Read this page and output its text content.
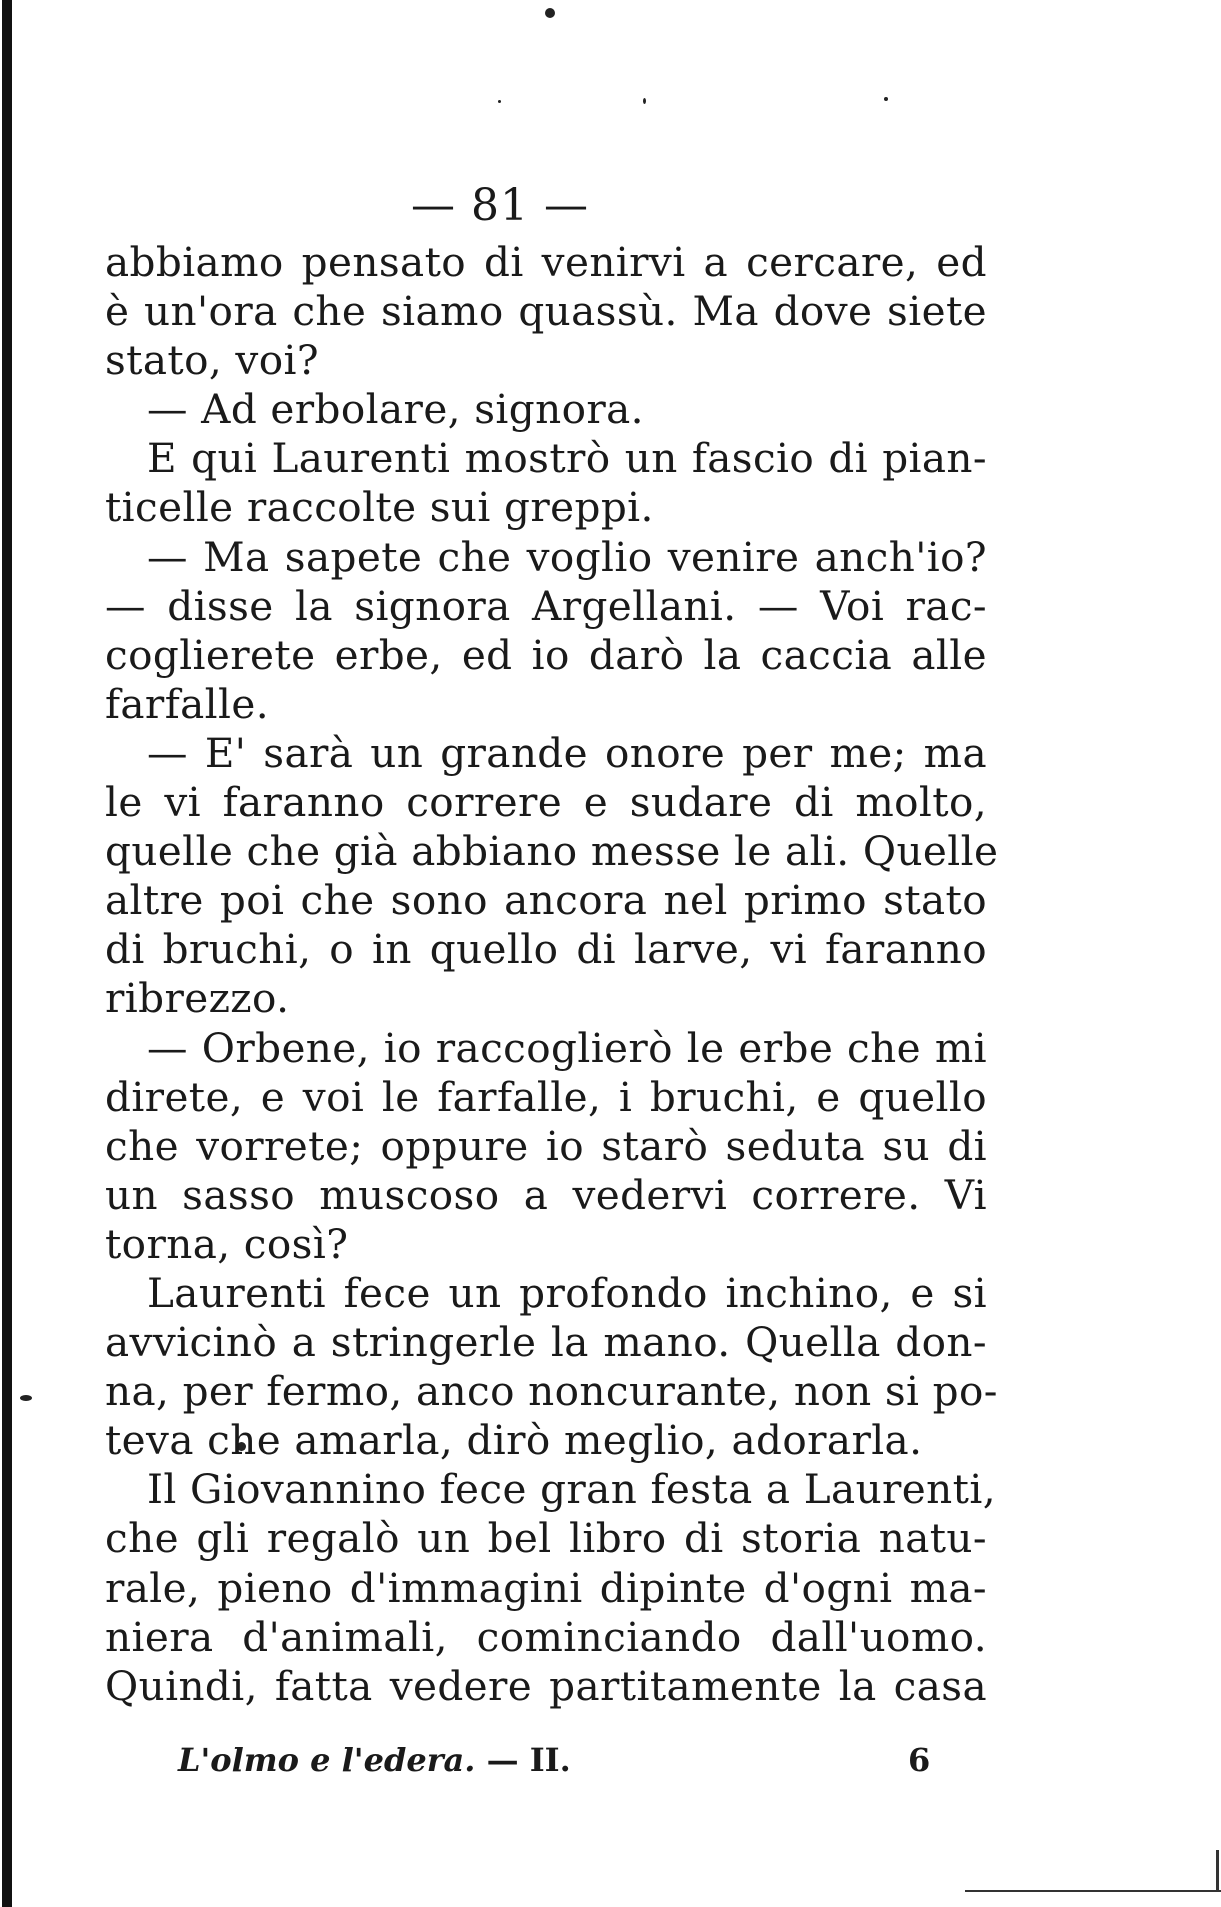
— 81 —
abbiamo pensato di venirvi a cercare, ed
è un'ora che siamo quassù. Ma dove siete
stato, voi?
— Ad erbolare, signora.
E qui Laurenti mostrò un fascio di pian-
ticelle raccolte sui greppi.
— Ma sapete che voglio venire anch'io?
— disse la signora Argellani. — Voi rac-
coglierete erbe, ed io darò la caccia alle
farfalle.
— E' sarà un grande onore per me; ma
le vi faranno correre e sudare di molto,
quelle che già abbiano messe le ali. Quelle
altre poi che sono ancora nel primo stato
di bruchi, o in quello di larve, vi faranno
ribrezzo.
— Orbene, io raccoglierò le erbe che mi
direte, e voi le farfalle, i bruchi, e quello
che vorrete; oppure io starò seduta su di
un sasso muscoso a vedervi correre. Vi
torna, così?
Laurenti fece un profondo inchino, e si
avvicinò a stringerle la mano. Quella don-
na, per fermo, anco noncurante, non si po-
teva che amarla, dirò meglio, adorarla.
Il Giovannino fece gran festa a Laurenti,
che gli regalò un bel libro di storia natu-
rale, pieno d'immagini dipinte d'ogni ma-
niera d'animali, cominciando dall'uomo.
Quindi, fatta vedere partitamente la casa
L'olmo e l'edera. — II.	6
